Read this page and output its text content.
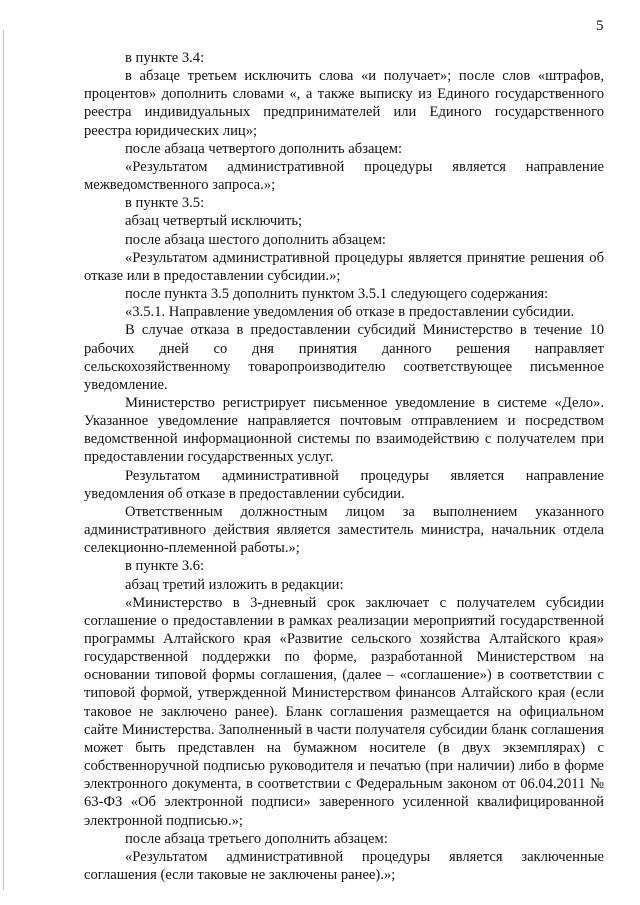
5

в пункте 3.4:

в абзаце третьем исключить слова «и получает»; после слов «штрафов, процентов» дополнить словами «, а также выписку из Единого государственного реестра индивидуальных предпринимателей или Единого государственного реестра юридических лиц»;

после абзаца четвертого дополнить абзацем:

«Результатом административной процедуры является направление межведомственного запроса.»;

в пункте 3.5:

абзац четвертый исключить;

после абзаца шестого дополнить абзацем:

«Результатом административной процедуры является принятие решения об отказе или в предоставлении субсидии.»;

после пункта 3.5 дополнить пунктом 3.5.1 следующего содержания:

«3.5.1. Направление уведомления об отказе в предоставлении субсидии.

В случае отказа в предоставлении субсидий Министерство в течение 10 рабочих дней со дня принятия данного решения направляет сельскохозяйственному товаропроизводителю соответствующее письменное уведомление.

Министерство регистрирует письменное уведомление в системе «Дело». Указанное уведомление направляется почтовым отправлением и посредством ведомственной информационной системы по взаимодействию с получателем при предоставлении государственных услуг.

Результатом административной процедуры является направление уведомления об отказе в предоставлении субсидии.

Ответственным должностным лицом за выполнением указанного административного действия является заместитель министра, начальник отдела селекционно-племенной работы.»;

в пункте 3.6:

абзац третий изложить в редакции:

«Министерство в 3-дневный срок заключает с получателем субсидии соглашение о предоставлении в рамках реализации мероприятий государственной программы Алтайского края «Развитие сельского хозяйства Алтайского края» государственной поддержки по форме, разработанной Министерством на основании типовой формы соглашения, (далее – «соглашение») в соответствии с типовой формой, утвержденной Министерством финансов Алтайского края (если таковое не заключено ранее). Бланк соглашения размещается на официальном сайте Министерства. Заполненный в части получателя субсидии бланк соглашения может быть представлен на бумажном носителе (в двух экземплярах) с собственноручной подписью руководителя и печатью (при наличии) либо в форме электронного документа, в соответствии с Федеральным законом от 06.04.2011 № 63-ФЗ «Об электронной подписи» заверенного усиленной квалифицированной электронной подписью.»;

после абзаца третьего дополнить абзацем:

«Результатом административной процедуры является заключенные соглашения (если таковые не заключены ранее).»;
